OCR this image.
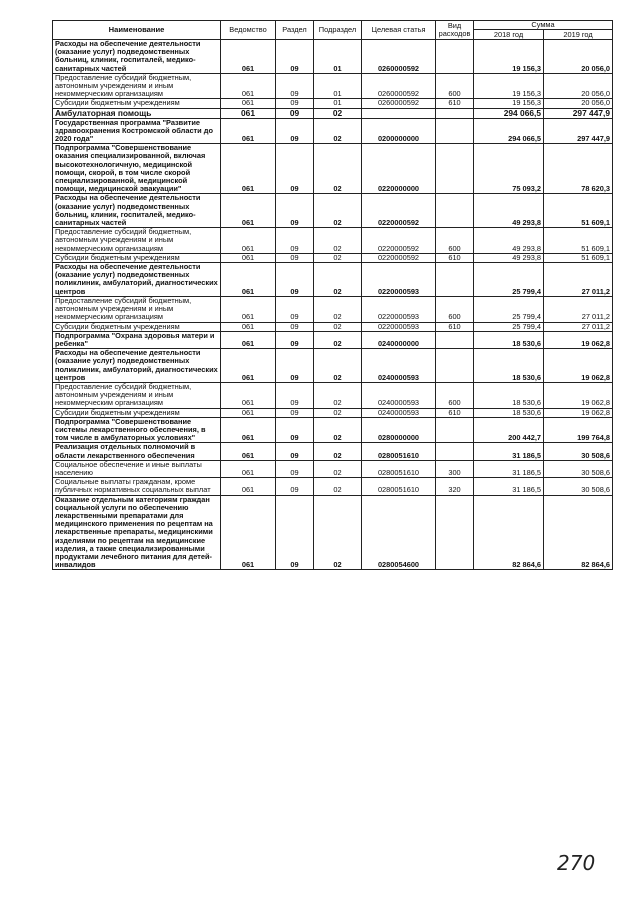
Наименование	Ведомство	Раздел	Подраздел	Целевая статья	Вид расходов	Сумма	
						2018 год	2019 год
Расходы на обеспечение деятельности (оказание услуг) подведомственных больниц, клиник, госпиталей, медико-санитарных частей	061	09	01	0260000592		19 156,3	20 056,0
Предоставление субсидий бюджетным, автономным учреждениям и иным некоммерческим организациям	061	09	01	0260000592	600	19 156,3	20 056,0
Субсидии бюджетным учреждениям	061	09	01	0260000592	610	19 156,3	20 056,0
Амбулаторная помощь	061	09	02			294 066,5	297 447,9
Государственная программа "Развитие здравоохранения Костромской области до 2020 года"	061	09	02	0200000000		294 066,5	297 447,9
Подпрограмма "Совершенствование оказания специализированной, включая высокотехнологичную, медицинской помощи, скорой, в том числе скорой специализированной, медицинской помощи, медицинской эвакуации"	061	09	02	0220000000		75 093,2	78 620,3
Расходы на обеспечение деятельности (оказание услуг) подведомственных больниц, клиник, госпиталей, медико-санитарных частей	061	09	02	0220000592		49 293,8	51 609,1
Предоставление субсидий бюджетным, автономным учреждениям и иным некоммерческим организациям	061	09	02	0220000592	600	49 293,8	51 609,1
Субсидии бюджетным учреждениям	061	09	02	0220000592	610	49 293,8	51 609,1
Расходы на обеспечение деятельности (оказание услуг) подведомственных поликлиник, амбулаторий, диагностических центров	061	09	02	0220000593		25 799,4	27 011,2
Предоставление субсидий бюджетным, автономным учреждениям и иным некоммерческим организациям	061	09	02	0220000593	600	25 799,4	27 011,2
Субсидии бюджетным учреждениям	061	09	02	0220000593	610	25 799,4	27 011,2
Подпрограмма "Охрана здоровья матери и ребенка"	061	09	02	0240000000		18 530,6	19 062,8
Расходы на обеспечение деятельности (оказание услуг) подведомственных поликлиник, амбулаторий, диагностических центров	061	09	02	0240000593		18 530,6	19 062,8
Предоставление субсидий бюджетным, автономным учреждениям и иным некоммерческим организациям	061	09	02	0240000593	600	18 530,6	19 062,8
Субсидии бюджетным учреждениям	061	09	02	0240000593	610	18 530,6	19 062,8
Подпрограмма "Совершенствование системы лекарственного обеспечения, в том числе в амбулаторных условиях"	061	09	02	0280000000		200 442,7	199 764,8
Реализация отдельных полномочий в области лекарственного обеспечения	061	09	02	0280051610		31 186,5	30 508,6
Социальное обеспечение и иные выплаты населению	061	09	02	0280051610	300	31 186,5	30 508,6
Социальные выплаты гражданам, кроме публичных нормативных социальных выплат	061	09	02	0280051610	320	31 186,5	30 508,6
Оказание отдельным категориям граждан социальной услуги по обеспечению лекарственными препаратами для медицинского применения по рецептам на лекарственные препараты, медицинскими изделиями по рецептам на медицинские изделия, а также специализированными продуктами лечебного питания для детей-инвалидов	061	09	02	0280054600		82 864,6	82 864,6
270
